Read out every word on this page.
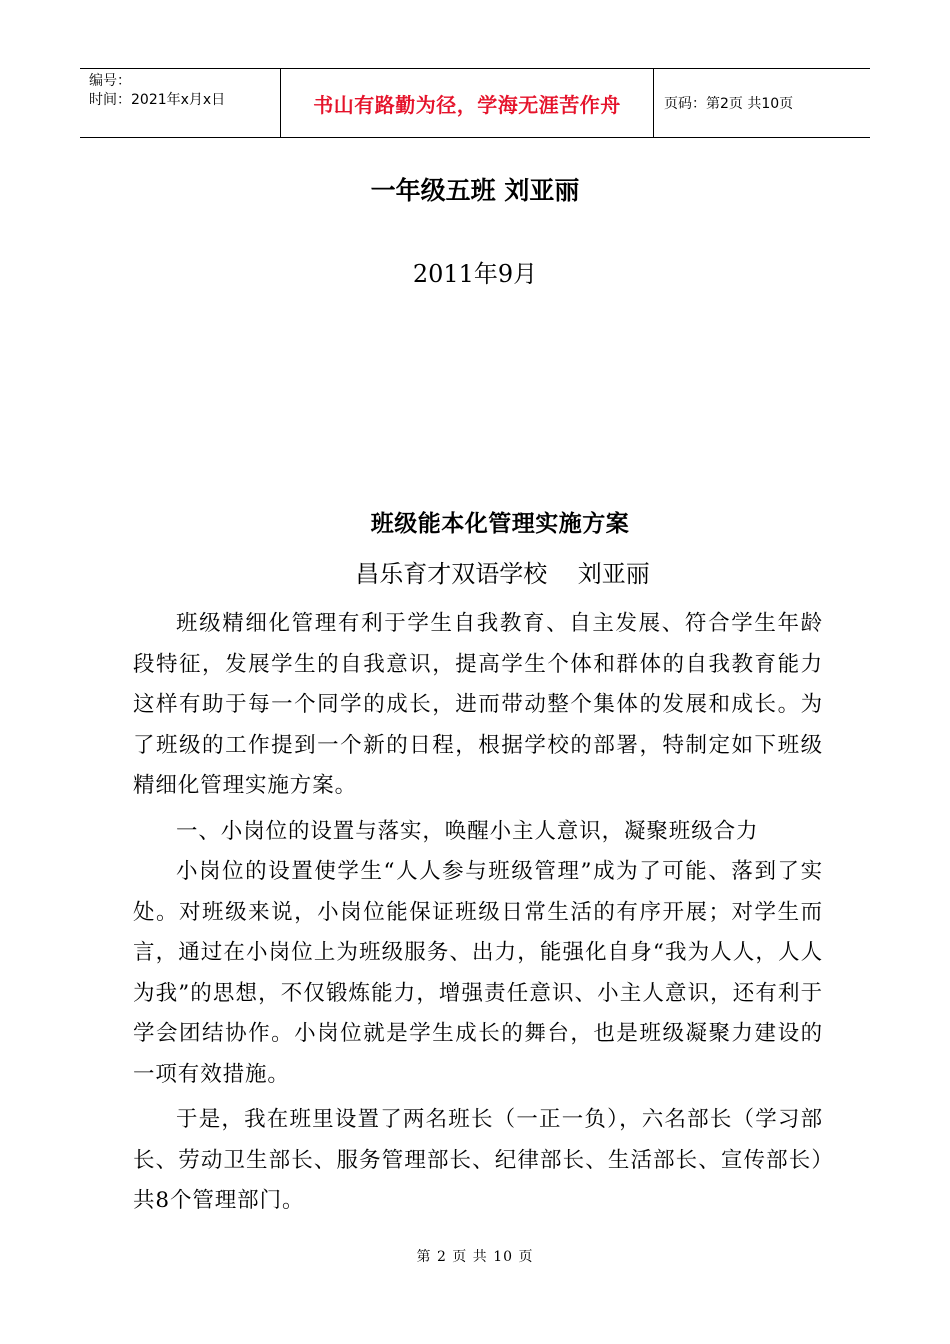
编号：
时间：2021年x月x日	书山有路勤为径，学海无涯苦作舟	页码：第2页 共10页
一年级五班 刘亚丽
2011年9月
班级能本化管理实施方案
昌乐育才双语学校    刘亚丽

班级精细化管理有利于学生自我教育、自主发展、符合学生年龄段特征，发展学生的自我意识，提高学生个体和群体的自我教育能力这样有助于每一个同学的成长，进而带动整个集体的发展和成长。为了班级的工作提到一个新的日程，根据学校的部署，特制定如下班级精细化管理实施方案。

一、小岗位的设置与落实，唤醒小主人意识，凝聚班级合力

小岗位的设置使学生“人人参与班级管理”成为了可能、落到了实处。对班级来说，小岗位能保证班级日常生活的有序开展；对学生而言，通过在小岗位上为班级服务、出力，能强化自身“我为人人，人人为我”的思想，不仅锻炼能力，增强责任意识、小主人意识，还有利于学会团结协作。小岗位就是学生成长的舞台，也是班级凝聚力建设的一项有效措施。

于是，我在班里设置了两名班长（一正一负），六名部长（学习部长、劳动卫生部长、服务管理部长、纪律部长、生活部长、宣传部长）共8个管理部门。

第 2 页 共 10 页
